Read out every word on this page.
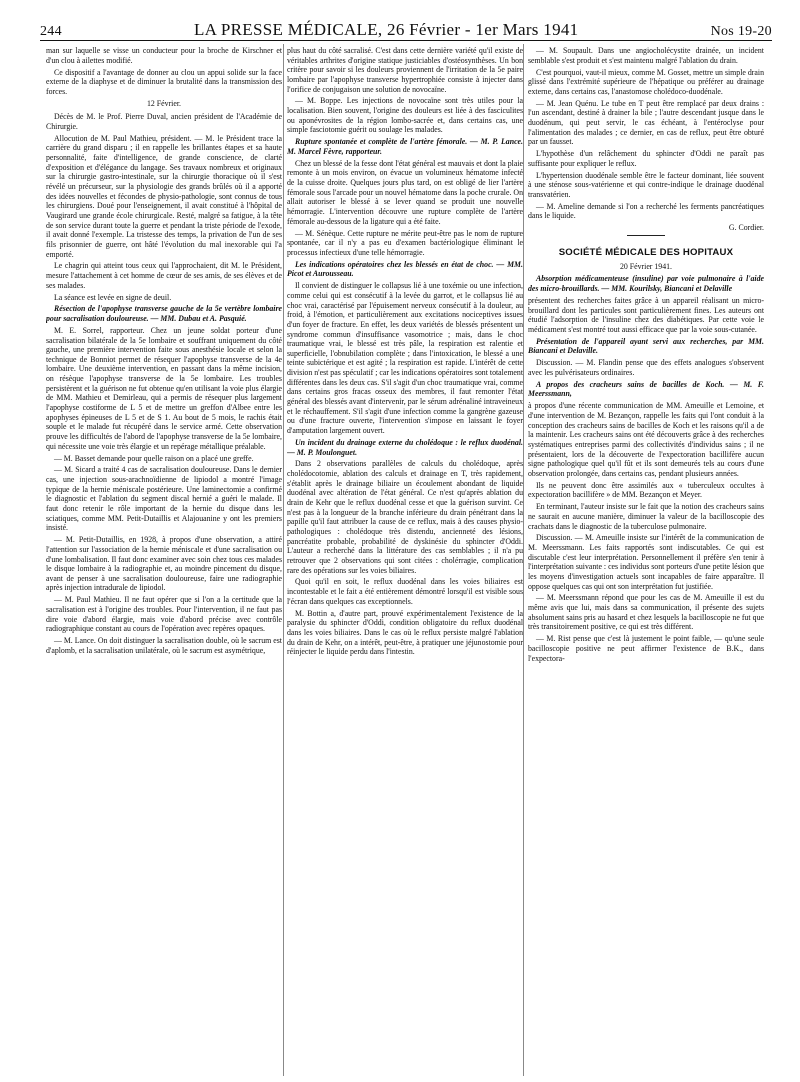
244	LA PRESSE MÉDICALE, 26 Février - 1er Mars 1941	Nos 19-20

man sur laquelle se visse un conducteur pour la broche de Kirschner et d'un clou à ailettes modifié.

Ce dispositif a l'avantage de donner au clou un appui solide sur la face externe de la diaphyse et de diminuer la brutalité dans la transmission des forces.

12 Février.

Décès de M. le Prof. Pierre Duval, ancien président de l'Académie de Chirurgie.

Allocution de M. Paul Mathieu, président. — M. le Président trace la carrière du grand disparu ; il en rappelle les brillantes étapes et sa haute personnalité, faite d'intelligence, de grande conscience, de clarté d'exposition et d'élégance du langage. Ses travaux nombreux et originaux sur la chirurgie gastro-intestinale, sur la chirurgie thoracique où il s'est révélé un précurseur, sur la physiologie des grands brûlés où il a apporté des idées nouvelles et fécondes de physio-pathologie, sont connus de tous les chirurgiens. Doué pour l'enseignement, il avait constitué à l'hôpital de Vaugirard une grande école chirurgicale. Resté, malgré sa fatigue, à la tête de son service durant toute la guerre et pendant la triste période de l'exode, il avait donné l'exemple. La tristesse des temps, la privation de l'un de ses fils prisonnier de guerre, ont hâté l'évolution du mal inexorable qui l'a emporté.

Le chagrin qui atteint tous ceux qui l'approchaient, dit M. le Président, mesure l'attachement à cet homme de cœur de ses amis, de ses élèves et de ses malades.

La séance est levée en signe de deuil.

Résection de l'apophyse transverse gauche de la 5e vertèbre lombaire pour sacralisation douloureuse. — MM. Dubau et A. Pasquié.

M. E. Sorrel, rapporteur. Chez un jeune soldat porteur d'une sacralisation bilatérale de la 5e lombaire et souffrant uniquement du côté gauche, une première intervention faite sous anesthésie locale et selon la technique de Bonniot permet de résequer l'apophyse transverse de la 4e lombaire. Une deuxième intervention, en passant dans la même incision, on résèque l'apophyse transverse de la 5e lombaire. Les troubles persistèrent et la guérison ne fut obtenue qu'en utilisant la voie plus élargie de MM. Mathieu et Demirleau, qui a permis de résequer plus largement l'apophyse costiforme de L 5 et de mettre un greffon d'Albee entre les apophyses épineuses de L 5 et de S 1. Au bout de 5 mois, le rachis était souple et le malade fut récupéré dans le service armé. Cette observation prouve les difficultés de l'abord de l'apophyse transverse de la 5e lombaire, qui nécessite une voie très élargie et un repérage métallique préalable.

— M. Basset demande pour quelle raison on a placé une greffe.

— M. Sicard a traité 4 cas de sacralisation douloureuse. Dans le dernier cas, une injection sous-arachnoïdienne de lipiodol a montré l'image typique de la hernie méniscale postérieure. Une laminectomie a confirmé le diagnostic et l'ablation du segment discal hernié a guéri le malade. Il faut donc retenir le rôle important de la hernie du disque dans les sciatiques, comme MM. Petit-Dutaillis et Alajouanine y ont les premiers insisté.

— M. Petit-Dutaillis, en 1928, à propos d'une observation, a attiré l'attention sur l'association de la hernie méniscale et d'une sacralisation ou d'une lombalisation. Il faut donc examiner avec soin chez tous ces malades le disque lombaire à la radiographie et, au moindre pincement du disque, avant de penser à une sacralisation douloureuse, faire une radiographie après injection intradurale de lipiodol.

— M. Paul Mathieu. Il ne faut opérer que si l'on a la certitude que la sacralisation est à l'origine des troubles. Pour l'intervention, il ne faut pas dire voie d'abord élargie, mais voie d'abord précise avec contrôle radiographique constant au cours de l'opération avec repères opaques.

— M. Lance. On doit distinguer la sacralisation double, où le sacrum est d'aplomb, et la sacralisation unilatérale, où le sacrum est asymétrique,

plus haut du côté sacralisé. C'est dans cette dernière variété qu'il existe de véritables arthrites d'origine statique justiciables d'ostéosynthèses. Un bon critère pour savoir si les douleurs proviennent de l'irritation de la 5e paire lombaire par l'apophyse transverse hypertrophiée consiste à injecter dans l'orifice de conjugaison une solution de novocaïne.

— M. Boppe. Les injections de novocaïne sont très utiles pour la localisation. Bien souvent, l'origine des douleurs est liée à des fasciculites ou aponévrosites de la région lombo-sacrée et, dans certains cas, une simple fasciotomie guérit ou soulage les malades.

Rupture spontanée et complète de l'artère fémorale. — M. P. Lance. M. Marcel Fèvre, rapporteur.

Chez un blessé de la fesse dont l'état général est mauvais et dont la plaie remonte à un mois environ, on évacue un volumineux hématome infecté de la cuisse droite. Quelques jours plus tard, on est obligé de lier l'artère fémorale sous l'arcade pour un nouvel hématome dans la poche crurale. On allait autoriser le blessé à se lever quand se produit une nouvelle hémorragie. L'intervention découvre une rupture complète de l'artère fémorale au-dessous de la ligature qui a été faite.

— M. Sénèque. Cette rupture ne mérite peut-être pas le nom de rupture spontanée, car il n'y a pas eu d'examen bactériologique éliminant le processus infectieux d'une telle hémorragie.

Les indications opératoires chez les blessés en état de choc. — MM. Picot et Aurousseau.

Il convient de distinguer le collapsus lié à une toxémie ou une infection, comme celui qui est consécutif à la levée du garrot, et le collapsus lié au choc vrai, caractérisé par l'épuisement nerveux consécutif à la douleur, au froid, à l'émotion, et particulièrement aux excitations nociceptives issues d'un foyer de fracture. En effet, les deux variétés de blessés présentent un syndrome commun d'insuffisance vasomotrice ; mais, dans le choc traumatique vrai, le blessé est très pâle, la respiration est ralentie et superficielle, l'obnubilation complète ; dans l'intoxication, le blessé a une teinte subictérique et est agité ; la respiration est rapide. L'intérêt de cette division n'est pas spéculatif ; car les indications opératoires sont totalement différentes dans les deux cas. S'il s'agit d'un choc traumatique vrai, comme dans certains gros fracas osseux des membres, il faut remonter l'état général des blessés avant d'intervenir, par le sérum adrénaliné intraveineux et le réchauffement. S'il s'agit d'une infection comme la gangrène gazeuse ou d'une fracture ouverte, l'intervention s'impose en laissant le foyer d'amputation largement ouvert.

Un incident du drainage externe du cholédoque : le reflux duodénal. — M. P. Moulonguet.

Dans 2 observations parallèles de calculs du cholédoque, après cholédocotomie, ablation des calculs et drainage en T, très rapidement, s'établit après le drainage biliaire un écoulement abondant de liquide duodénal avec altération de l'état général. Ce n'est qu'après ablation du drain de Kehr que le reflux duodénal cesse et que la guérison survint. Ce n'est pas à la longueur de la branche inférieure du drain pénétrant dans la papille qu'il faut attribuer la cause de ce reflux, mais à des causes physio-pathologiques : cholédoque très distendu, ancienneté des lésions, pancréatite probable, probabilité de dyskinésie du sphincter d'Oddi. L'auteur a recherché dans la littérature des cas semblables ; il n'a pu retrouver que 2 observations qui sont citées : cholérragie, complication rare des opérations sur les voies biliaires.

Quoi qu'il en soit, le reflux duodénal dans les voies biliaires est incontestable et le fait a été entièrement démontré lorsqu'il est visible sous l'écran dans quelques cas exceptionnels.

M. Bottin a, d'autre part, prouvé expérimentalement l'existence de la paralysie du sphincter d'Oddi, condition obligatoire du reflux duodénal dans les voies biliaires. Dans le cas où le reflux persiste malgré l'ablation du drain de Kehr, on a intérêt, peut-être, à pratiquer une jéjunostomie pour réinjecter le liquide perdu dans l'intestin.

— M. Soupault. Dans une angiocholécystite drainée, un incident semblable s'est produit et s'est maintenu malgré l'ablation du drain.

C'est pourquoi, vaut-il mieux, comme M. Gosset, mettre un simple drain glissé dans l'extrémité supérieure de l'hépatique ou préférer au drainage externe, dans certains cas, l'anastomose cholédoco-duodénale.

— M. Jean Quénu. Le tube en T peut être remplacé par deux drains : l'un ascendant, destiné à drainer la bile ; l'autre descendant jusque dans le duodénum, qui peut servir, le cas échéant, à l'entérоclyse pour l'alimentation des malades ; ce dernier, en cas de reflux, peut être obturé par un fausset.

L'hypothèse d'un relâchement du sphincter d'Oddi ne paraît pas suffisante pour expliquer le reflux.

L'hypertension duodénale semble être le facteur dominant, liée souvent à une sténose sous-vatérienne et qui contre-indique le drainage duodénal transvatérien.

— M. Ameline demande si l'on a recherché les ferments pancréatiques dans le liquide.

G. Cordier.

SOCIÉTÉ MÉDICALE DES HOPITAUX

20 Février 1941.

Absorption médicamenteuse (insuline) par voie pulmonaire à l'aide des micro-brouillards. — MM. Kourilsky, Biancani et Delaville

présentent des recherches faites grâce à un appareil réalisant un micro-brouillard dont les particules sont particulièrement fines. Les auteurs ont étudié l'adsorption de l'insuline chez des diabétiques. Par cette voie le médicament s'est montré tout aussi efficace que par la voie sous-cutanée.

Présentation de l'appareil ayant servi aux recherches, par MM. Biancani et Delaville.

Discussion. — M. Flandin pense que des effets analogues s'observent avec les pulvérisateurs ordinaires.

A propos des cracheurs sains de bacilles de Koch. — M. F. Meerssmann,

à propos d'une récente communication de MM. Ameuille et Lemoine, et d'une intervention de M. Bezançon, rappelle les faits qui l'ont conduit à la conception des cracheurs sains de bacilles de Koch et les raisons qu'il a de la maintenir. Les cracheurs sains ont été découverts grâce à des recherches systématiques entreprises parmi des collectivités d'individus sains ; il ne présentaient, lors de la découverte de l'expectoration bacillifère aucun signe pathologique quel qu'il fût et ils sont demeurés tels au cours d'une observation prolongée, dans certains cas, pendant plusieurs années.

Ils ne peuvent donc être assimilés aux « tuberculeux occultes à expectoration bacillifère » de MM. Bezançon et Meyer.

En terminant, l'auteur insiste sur le fait que la notion des cracheurs sains ne saurait en aucune manière, diminuer la valeur de la bacilloscopie des crachats dans le diagnostic de la tuberculose pulmonaire.

Discussion. — M. Ameuille insiste sur l'intérêt de la communication de M. Meerssmann. Les faits rapportés sont indiscutables. Ce qui est discutable c'est leur interprétation. Personnellement il préfère s'en tenir à l'interprétation suivante : ces individus sont porteurs d'une petite lésion que les moyens d'investigation actuels sont incapables de faire apparaître. Il oppose quelques cas qui ont son interprétation fut justifiée.

— M. Meerssmann répond que pour les cas de M. Ameuille il est du même avis que lui, mais dans sa communication, il présente des sujets absolument sains pris au hasard et chez lesquels la bacilloscopie ne fut que très transitoirement positive, ce qui est très différent.

— M. Rist pense que c'est là justement le point faible, — qu'une seule bacilloscopie positive ne peut affirmer l'existence de B.K., dans l'expectora-
